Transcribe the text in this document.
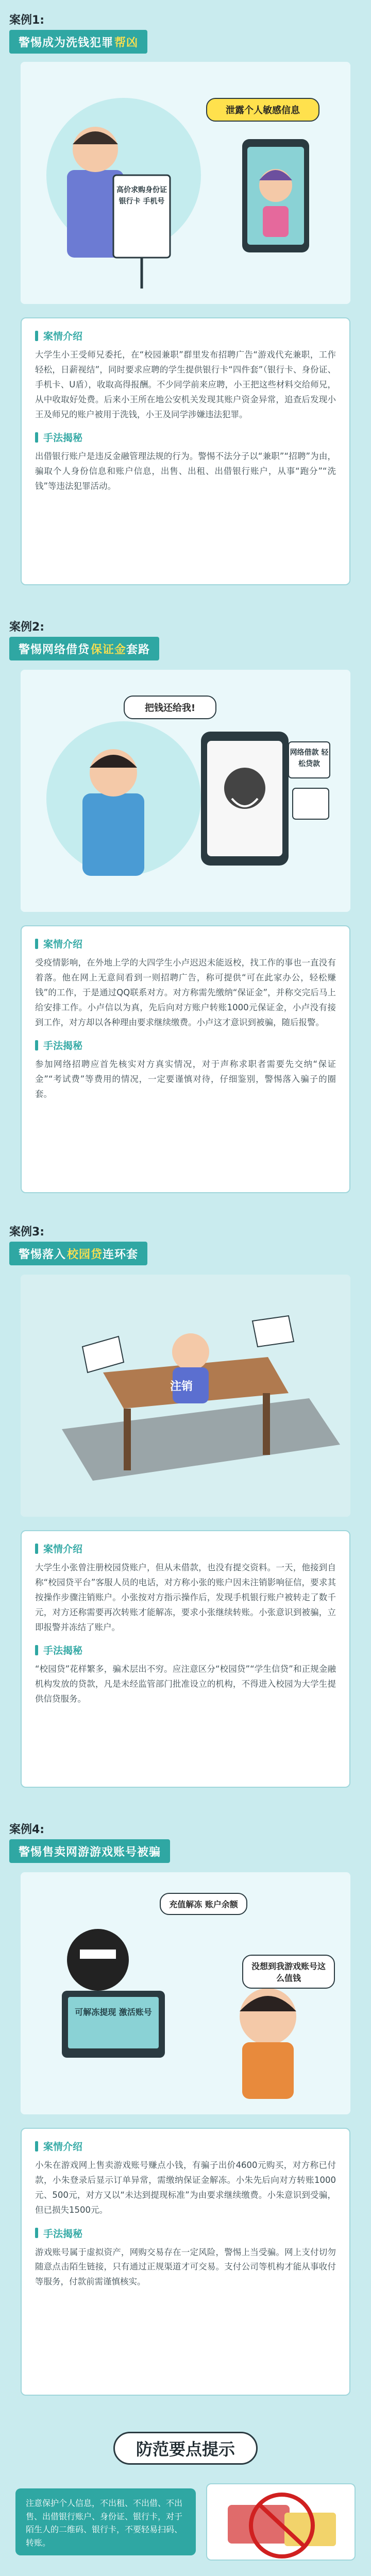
案例1:
警惕成为洗钱犯罪 帮凶
泄露个人敏感信息
高价求购身份证 银行卡 手机号
案情介绍

大学生小王受师兄委托，在“校园兼职”群里发布招聘广告“游戏代充兼职，工作轻松，日薪视结”，同时要求应聘的学生提供银行卡“四件套”（银行卡、身份证、手机卡、U盾），收取高得报酬。不少同学前来应聘，小王把这些材料交给师兄，从中收取好处费。后来小王所在地公安机关发现其账户资金异常，追查后发现小王及师兄的账户被用于洗钱，小王及同学涉嫌违法犯罪。

手法揭秘

出借银行账户是违反金融管理法规的行为。警惕不法分子以“兼职”“招聘”为由，骗取个人身份信息和账户信息，出售、出租、出借银行账户，从事“跑分”“洗钱”等违法犯罪活动。

案例2:
警惕网络借贷 保证金 套路
把钱还给我!
网络借款 轻松贷款
案情介绍

受疫情影响，在外地上学的大四学生小卢迟迟未能返校，找工作的事也一直没有着落。他在网上无意间看到一则招聘广告，称可提供“可在此家办公，轻松赚钱”的工作，于是通过QQ联系对方。对方称需先缴纳“保证金”，并称交完后马上给安排工作。小卢信以为真，先后向对方账户转账1000元保证金，小卢没有接到工作，对方却以各种理由要求继续缴费。小卢这才意识到被骗，随后报警。

手法揭秘

参加网络招聘应首先核实对方真实情况，对于声称求职者需要先交纳“保证金”“考试费”等费用的情况，一定要谨慎对待，仔细鉴别，警惕落入骗子的圈套。

案例3:
警惕落入 校园贷 连环套
注销
案情介绍

大学生小张曾注册校园贷账户，但从未借款，也没有提交资料。一天，他接到自称“校园贷平台”客服人员的电话，对方称小张的账户因未注销影响征信，要求其按操作步骤注销账户。小张按对方指示操作后，发现手机银行账户被转走了数千元，对方还称需要再次转账才能解冻，要求小张继续转账。小张意识到被骗，立即报警并冻结了账户。

手法揭秘

“校园贷”花样繁多，骗术层出不穷。应注意区分“校园贷”“学生信贷”和正规金融机构发放的贷款，凡是未经监管部门批准设立的机构，不得进入校园为大学生提供信贷服务。

案例4:
警惕售卖网游游戏账号被骗
充值解冻 账户余额
没想到我游戏账号这么值钱
可解冻提现 激活账号
案情介绍

小朱在游戏网上售卖游戏账号赚点小钱，有骗子出价4600元购买，对方称已付款，小朱登录后显示订单异常，需缴纳保证金解冻。小朱先后向对方转账1000元、500元，对方又以“未达到提现标准”为由要求继续缴费。小朱意识到受骗，但已损失1500元。

手法揭秘

游戏账号属于虚拟资产，网购交易存在一定风险，警惕上当受骗。网上支付切勿随意点击陌生链接，只有通过正规渠道才可交易。支付公司等机构才能从事收付等服务，付款前需谨慎核实。

防范要点提示
注意保护个人信息，不出租、不出借、不出售、出借银行账户、身份证、银行卡，对于陌生人的二维码、银行卡，不要轻易扫码、转账。
